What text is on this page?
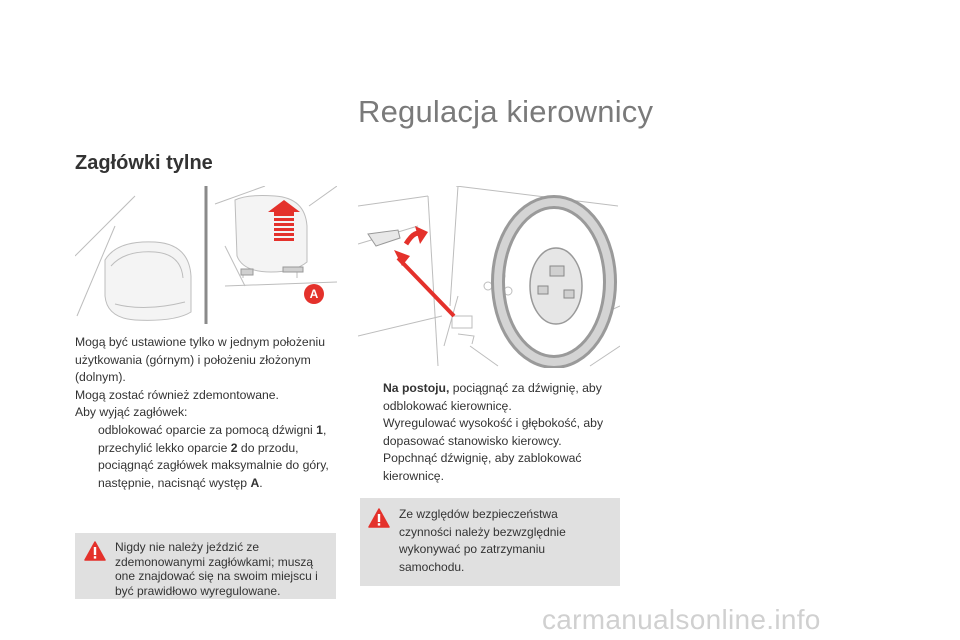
Regulacja kierownicy
Zagłówki tylne
A

Mogą być ustawione tylko w jednym położeniu użytkowania (górnym) i położeniu złożonym (dolnym).

Mogą zostać również zdemontowane.

Aby wyjąć zagłówek:

odblokować oparcie za pomocą dźwigni 1,
przechylić lekko oparcie 2 do przodu,
pociągnąć zagłówek maksymalnie do góry,
następnie, nacisnąć występ A.
Na postoju, pociągnąć za dźwignię, aby odblokować kierownicę.
Wyregulować wysokość i głębokość, aby dopasować stanowisko kierowcy.
Popchnąć dźwignię, aby zablokować kierownicę.
Nigdy nie należy jeździć ze zdemonowanymi zagłówkami; muszą one znajdować się na swoim miejscu i być prawidłowo wyregulowane.
Ze względów bezpieczeństwa czynności należy bezwzględnie wykonywać po zatrzymaniu samochodu.
carmanualsonline.info
